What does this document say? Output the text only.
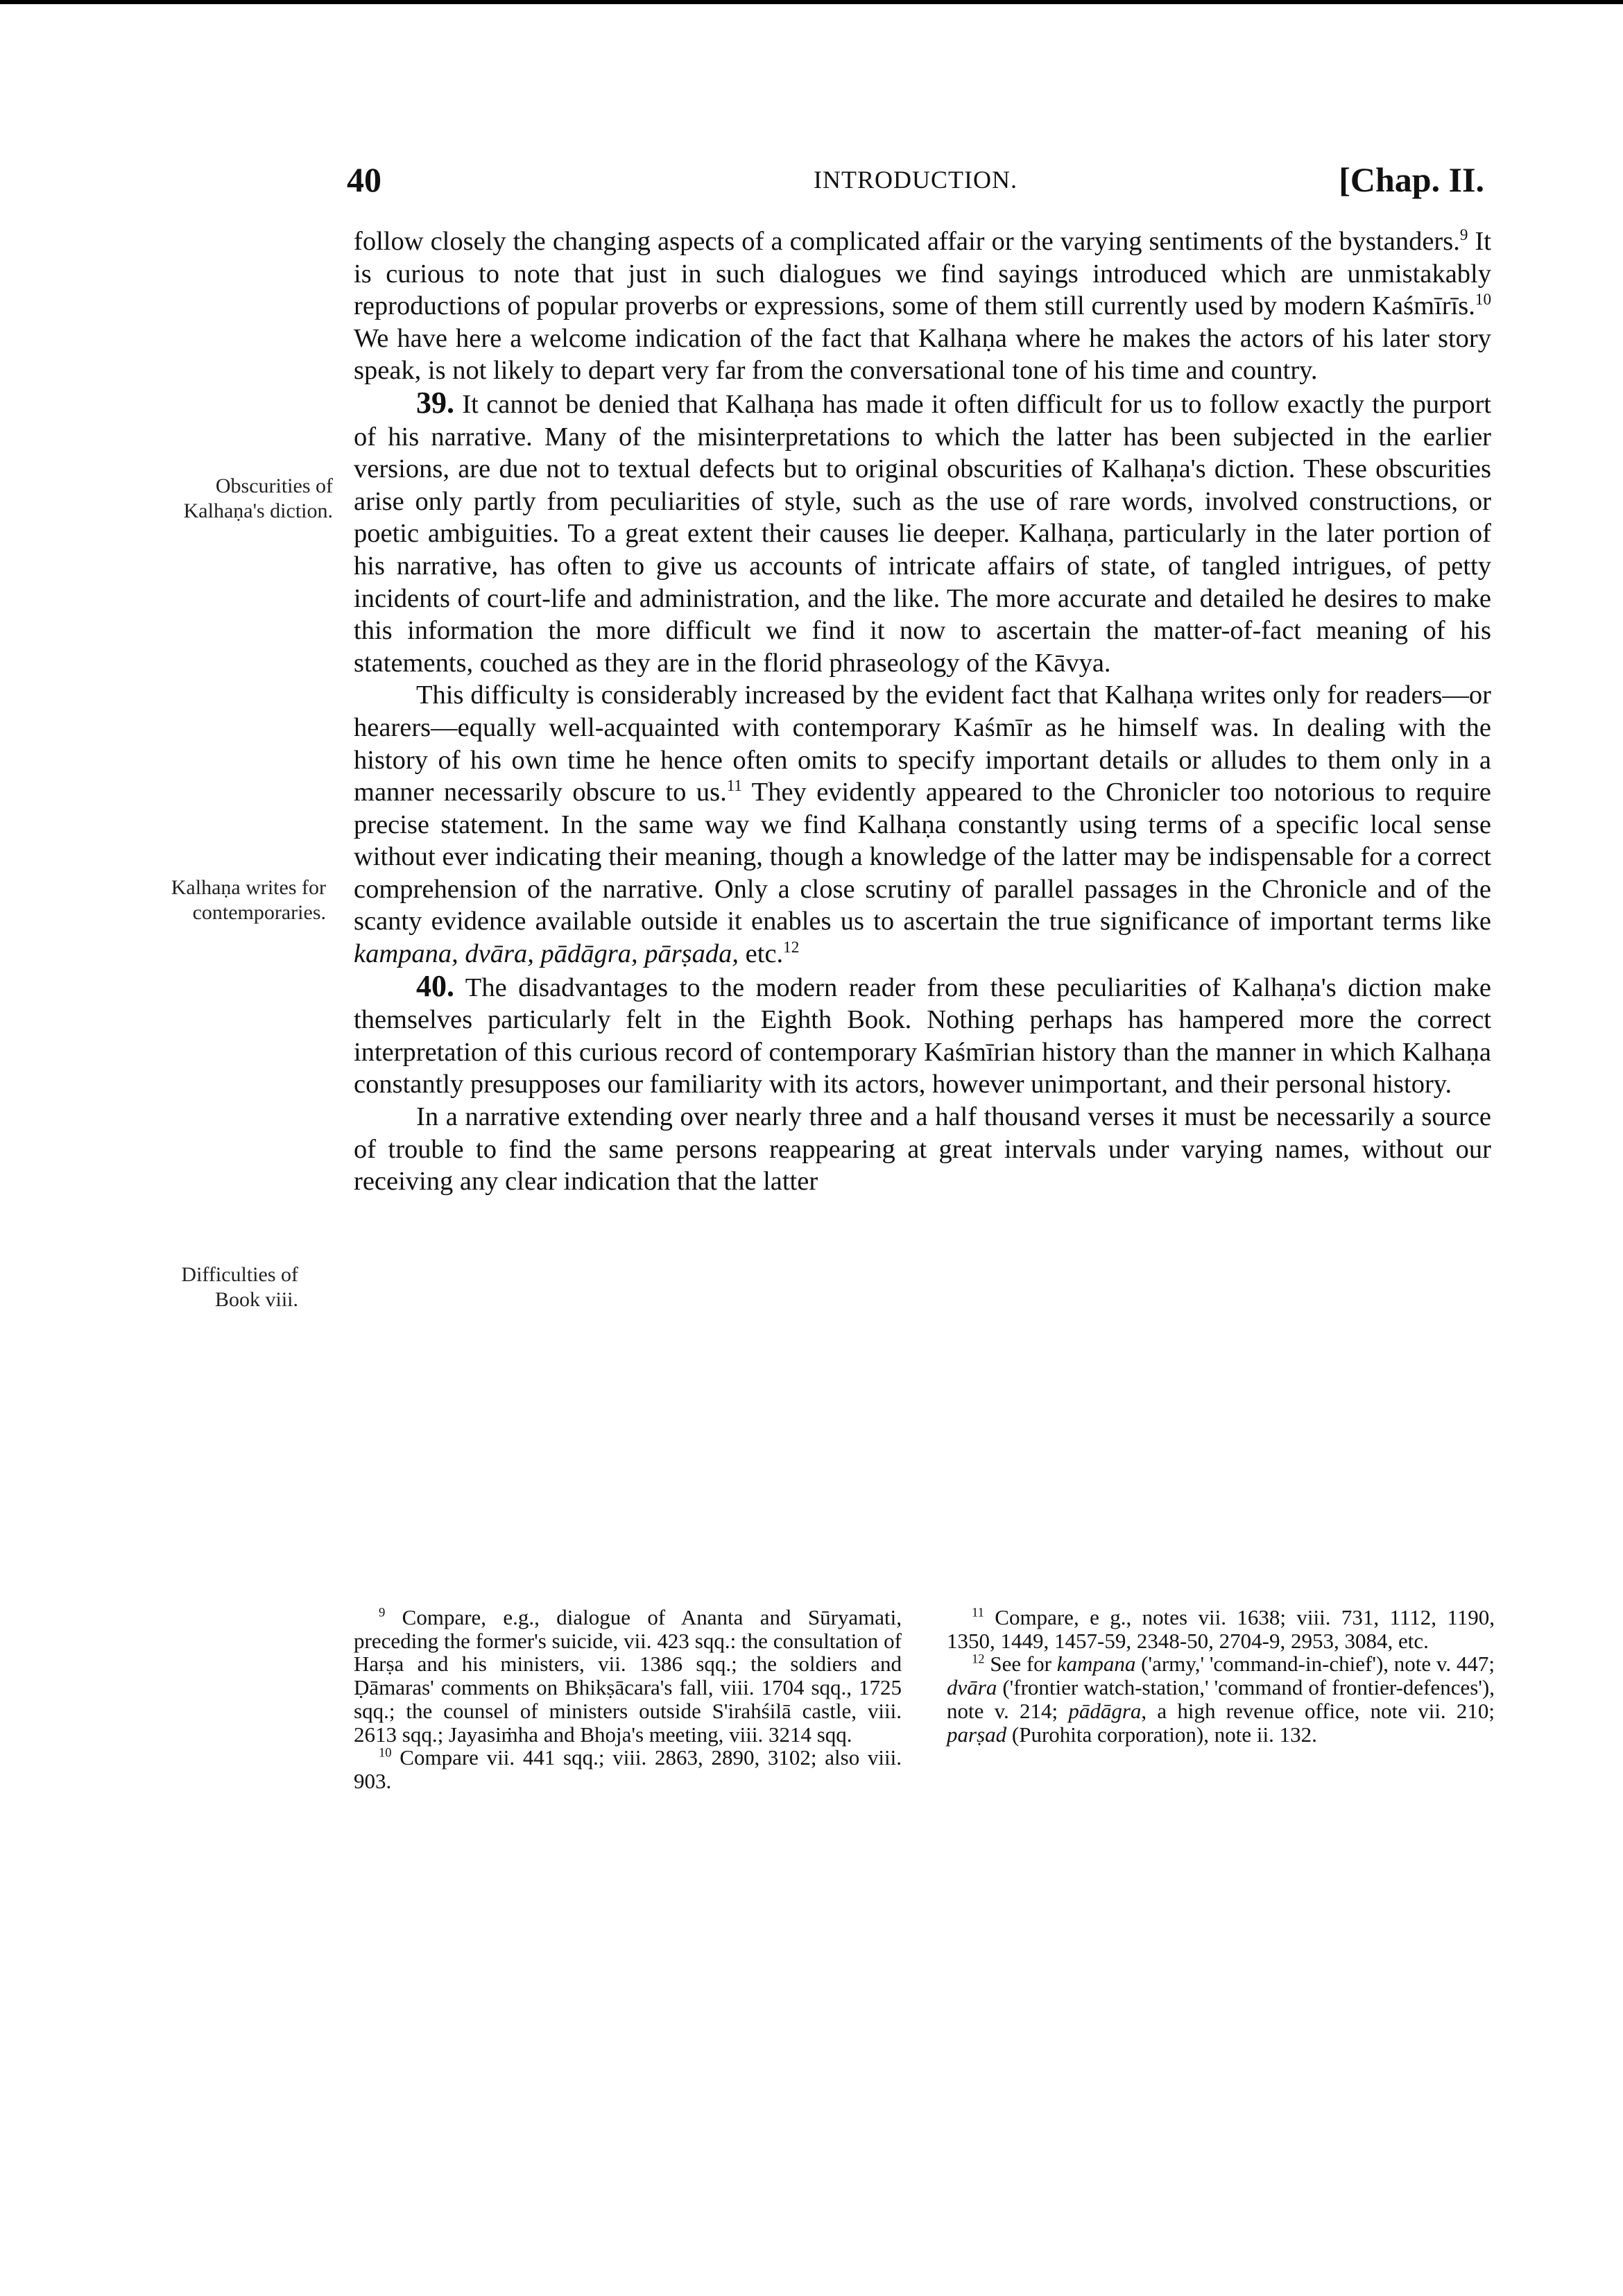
40	INTRODUCTION.	[Chap. II.
Obscurities of
Kalhaṇa's diction.
Kalhaṇa writes for
contemporaries.
Difficulties of
Book viii.

follow closely the changing aspects of a complicated affair or the varying sentiments of the bystanders.$^9$ It is curious to note that just in such dialogues we find sayings introduced which are unmistakably reproductions of popular proverbs or expressions, some of them still currently used by modern Kaśmīrīs.$^{10}$ We have here a welcome indication of the fact that Kalhaṇa where he makes the actors of his later story speak, is not likely to depart very far from the conversational tone of his time and country.

39. It cannot be denied that Kalhaṇa has made it often difficult for us to follow exactly the purport of his narrative. Many of the misinterpretations to which the latter has been subjected in the earlier versions, are due not to textual defects but to original obscurities of Kalhaṇa's diction. These obscurities arise only partly from peculiarities of style, such as the use of rare words, involved constructions, or poetic ambiguities. To a great extent their causes lie deeper. Kalhaṇa, particularly in the later portion of his narrative, has often to give us accounts of intricate affairs of state, of tangled intrigues, of petty incidents of court-life and administration, and the like. The more accurate and detailed he desires to make this information the more difficult we find it now to ascertain the matter-of-fact meaning of his statements, couched as they are in the florid phraseology of the Kāvya.

This difficulty is considerably increased by the evident fact that Kalhaṇa writes only for readers—or hearers—equally well-acquainted with contemporary Kaśmīr as he himself was. In dealing with the history of his own time he hence often omits to specify important details or alludes to them only in a manner necessarily obscure to us.$^{11}$ They evidently appeared to the Chronicler too notorious to require precise statement. In the same way we find Kalhaṇa constantly using terms of a specific local sense without ever indicating their meaning, though a knowledge of the latter may be indispensable for a correct comprehension of the narrative. Only a close scrutiny of parallel passages in the Chronicle and of the scanty evidence available outside it enables us to ascertain the true significance of important terms like kampana, dvāra, pādāgra, pārṣada, etc.$^{12}$

40. The disadvantages to the modern reader from these peculiarities of Kalhaṇa's diction make themselves particularly felt in the Eighth Book. Nothing perhaps has hampered more the correct interpretation of this curious record of contemporary Kaśmīrian history than the manner in which Kalhaṇa constantly presupposes our familiarity with its actors, however unimportant, and their personal history.

In a narrative extending over nearly three and a half thousand verses it must be necessarily a source of trouble to find the same persons reappearing at great intervals under varying names, without our receiving any clear indication that the latter

$^9$ Compare, e.g., dialogue of Ananta and Sūryamati, preceding the former's suicide, vii. 423 sqq.: the consultation of Harṣa and his ministers, vii. 1386 sqq.; the soldiers and Ḍāmaras' comments on Bhikṣācara's fall, viii. 1704 sqq., 1725 sqq.; the counsel of ministers outside S'irahśilā castle, viii. 2613 sqq.; Jayasiṁha and Bhoja's meeting, viii. 3214 sqq.

$^{10}$ Compare vii. 441 sqq.; viii. 2863, 2890, 3102; also viii. 903.

$^{11}$ Compare, e g., notes vii. 1638; viii. 731, 1112, 1190, 1350, 1449, 1457-59, 2348-50, 2704-9, 2953, 3084, etc.

$^{12}$ See for kampana ('army,' 'command-in-chief'), note v. 447; dvāra ('frontier watch-station,' 'command of frontier-defences'), note v. 214; pādāgra, a high revenue office, note vii. 210; parṣad (Purohita corporation), note ii. 132.
